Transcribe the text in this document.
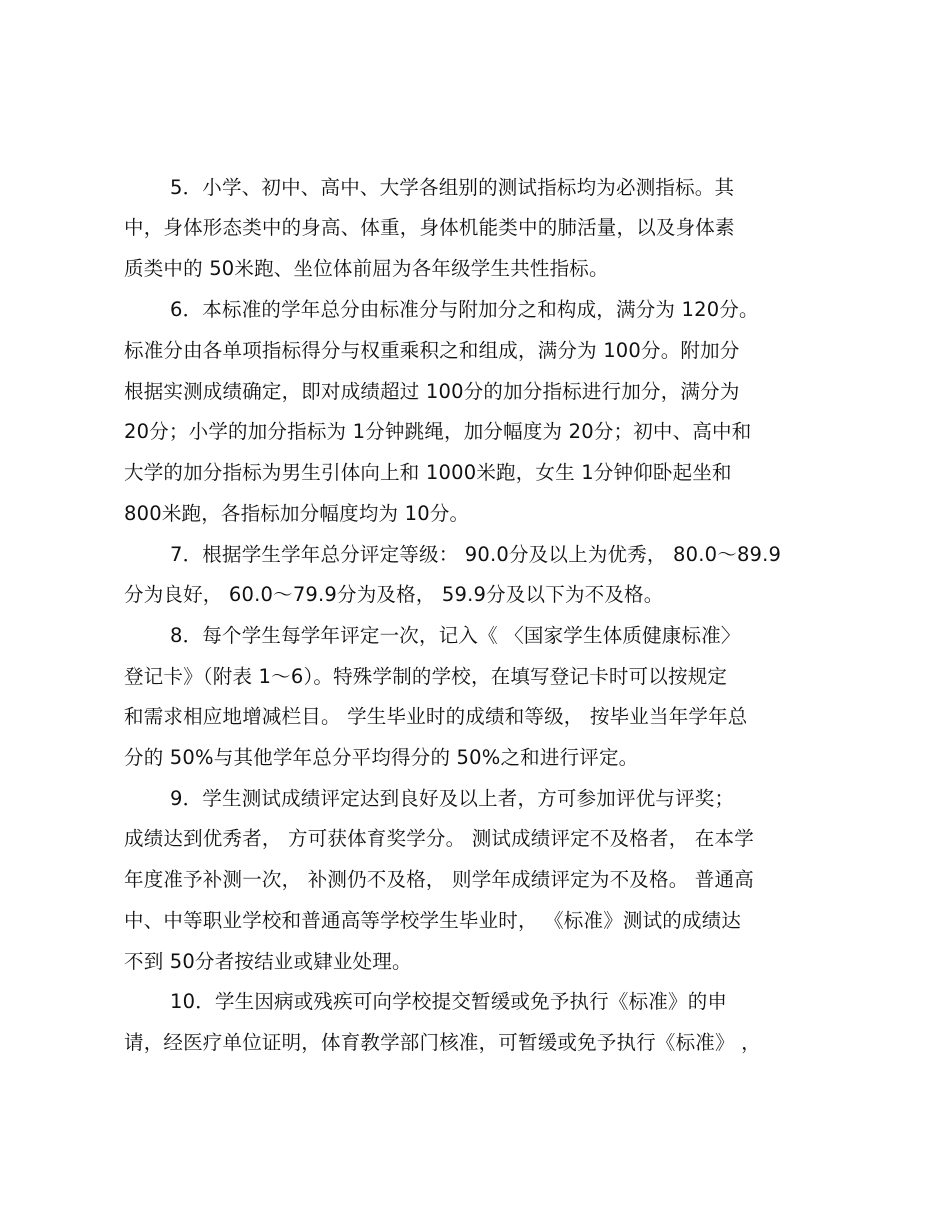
5．小学、初中、高中、大学各组别的测试指标均为必测指标。其
中，身体形态类中的身高、体重，身体机能类中的肺活量，以及身体素
质类中的 50米跑、坐位体前屈为各年级学生共性指标。
6．本标准的学年总分由标准分与附加分之和构成，满分为 120分。
标准分由各单项指标得分与权重乘积之和组成，满分为 100分。附加分
根据实测成绩确定，即对成绩超过 100分的加分指标进行加分，满分为
20分；小学的加分指标为 1分钟跳绳，加分幅度为 20分；初中、高中和
大学的加分指标为男生引体向上和 1000米跑，女生 1分钟仰卧起坐和
800米跑，各指标加分幅度均为 10分。
7．根据学生学年总分评定等级： 90.0分及以上为优秀， 80.0～89.9
分为良好， 60.0～79.9分为及格， 59.9分及以下为不及格。
8．每个学生每学年评定一次，记入《 〈国家学生体质健康标准〉
登记卡》（附表 1～6）。特殊学制的学校，在填写登记卡时可以按规定
和需求相应地增减栏目。 学生毕业时的成绩和等级， 按毕业当年学年总
分的 50%与其他学年总分平均得分的 50%之和进行评定。
9．学生测试成绩评定达到良好及以上者，方可参加评优与评奖；
成绩达到优秀者， 方可获体育奖学分。 测试成绩评定不及格者， 在本学
年度准予补测一次， 补测仍不及格， 则学年成绩评定为不及格。 普通高
中、中等职业学校和普通高等学校学生毕业时， 《标准》测试的成绩达
不到 50分者按结业或肄业处理。
10．学生因病或残疾可向学校提交暂缓或免予执行《标准》的申
请，经医疗单位证明，体育教学部门核准，可暂缓或免予执行《标准》 ，
